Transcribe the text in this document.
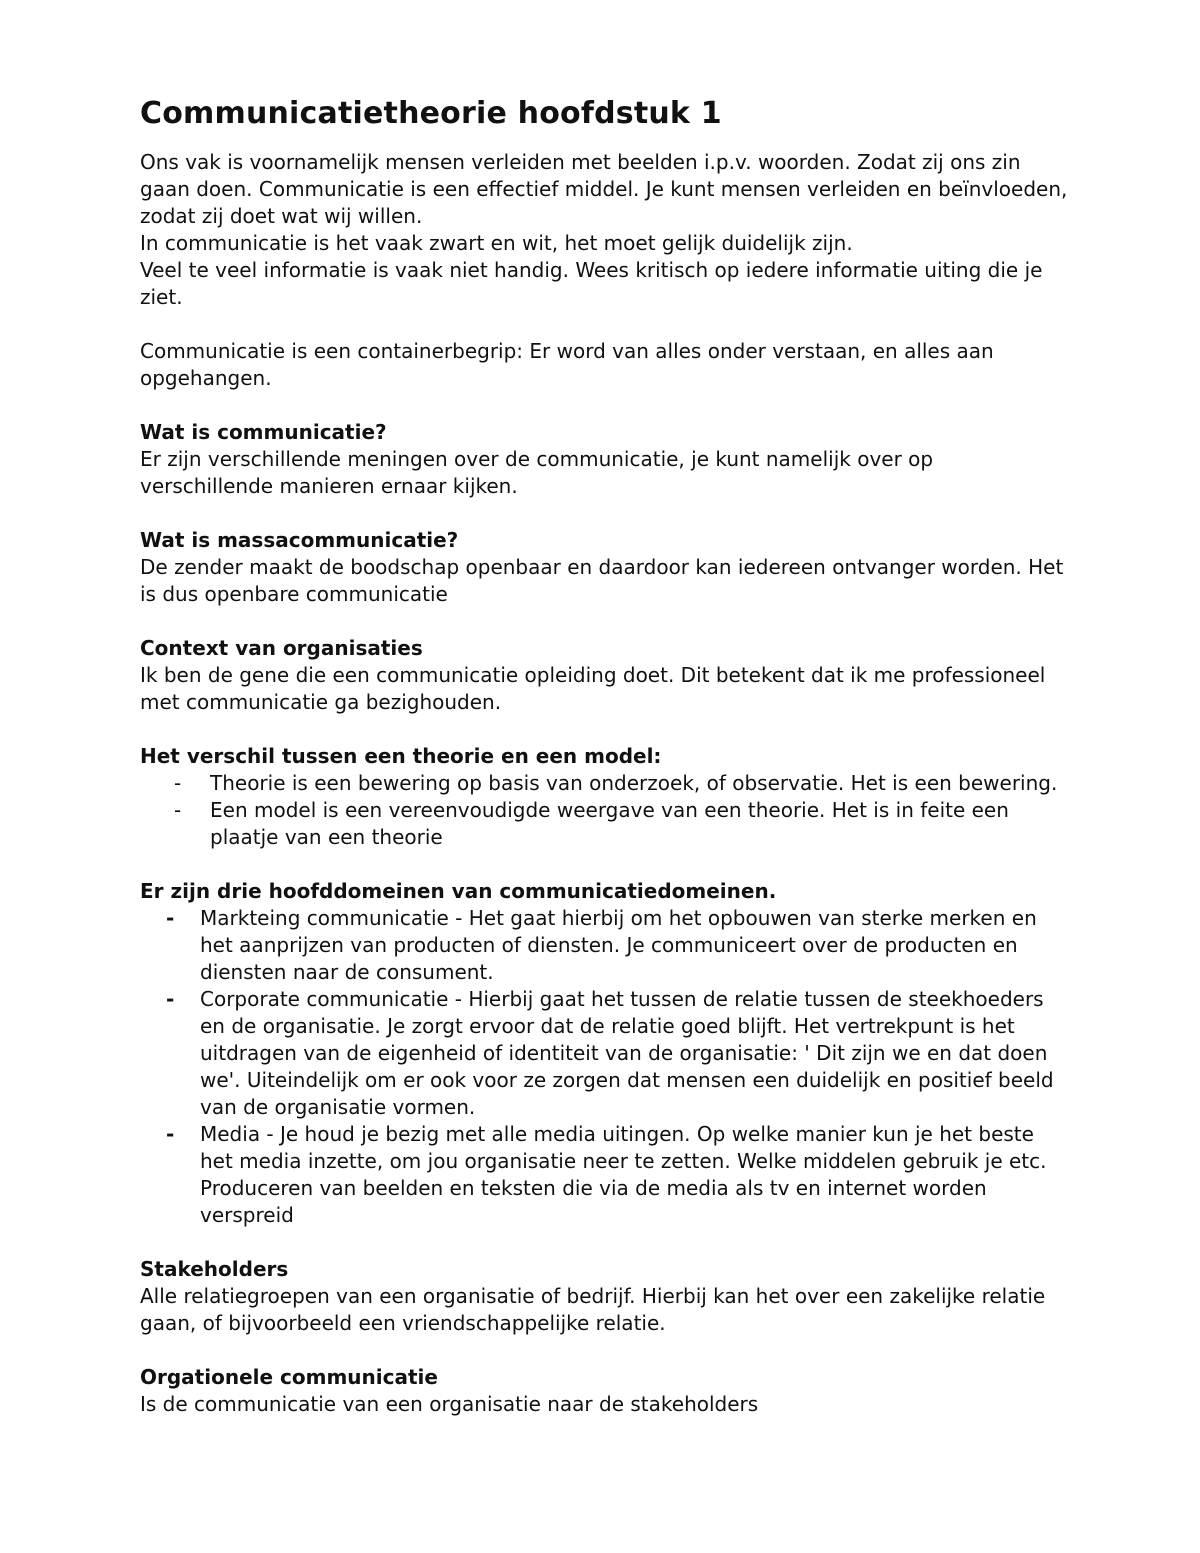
Communicatietheorie hoofdstuk 1

Ons vak is voornamelijk mensen verleiden met beelden i.p.v. woorden. Zodat zij ons zin gaan doen. Communicatie is een effectief middel. Je kunt mensen verleiden en beïnvloeden, zodat zij doet wat wij willen.

In communicatie is het vaak zwart en wit, het moet gelijk duidelijk zijn.

Veel te veel informatie is vaak niet handig. Wees kritisch op iedere informatie uiting die je ziet.

Communicatie is een containerbegrip: Er word van alles onder verstaan, en alles aan opgehangen.

Wat is communicatie?

Er zijn verschillende meningen over de communicatie, je kunt namelijk over op verschillende manieren ernaar kijken.

Wat is massacommunicatie?

De zender maakt de boodschap openbaar en daardoor kan iedereen ontvanger worden. Het is dus openbare communicatie

Context van organisaties

Ik ben de gene die een communicatie opleiding doet. Dit betekent dat ik me professioneel met communicatie ga bezighouden.

Het verschil tussen een theorie en een model:

- Theorie is een bewering op basis van onderzoek, of observatie. Het is een bewering.
- Een model is een vereenvoudigde weergave van een theorie. Het is in feite een plaatje van een theorie

Er zijn drie hoofddomeinen van communicatiedomeinen.

- Markteing communicatie - Het gaat hierbij om het opbouwen van sterke merken en het aanprijzen van producten of diensten. Je communiceert over de producten en diensten naar de consument.
- Corporate communicatie - Hierbij gaat het tussen de relatie tussen de steekhoeders en de organisatie. Je zorgt ervoor dat de relatie goed blijft. Het vertrekpunt is het uitdragen van de eigenheid of identiteit van de organisatie: ' Dit zijn we en dat doen we'. Uiteindelijk om er ook voor ze zorgen dat mensen een duidelijk en positief beeld van de organisatie vormen.
- Media - Je houd je bezig met alle media uitingen. Op welke manier kun je het beste het media inzette, om jou organisatie neer te zetten. Welke middelen gebruik je etc. Produceren van beelden en teksten die via de media als tv en internet worden verspreid

Stakeholders

Alle relatiegroepen van een organisatie of bedrijf. Hierbij kan het over een zakelijke relatie gaan, of bijvoorbeeld een vriendschappelijke relatie.

Orgationele communicatie

Is de communicatie van een organisatie naar de stakeholders
